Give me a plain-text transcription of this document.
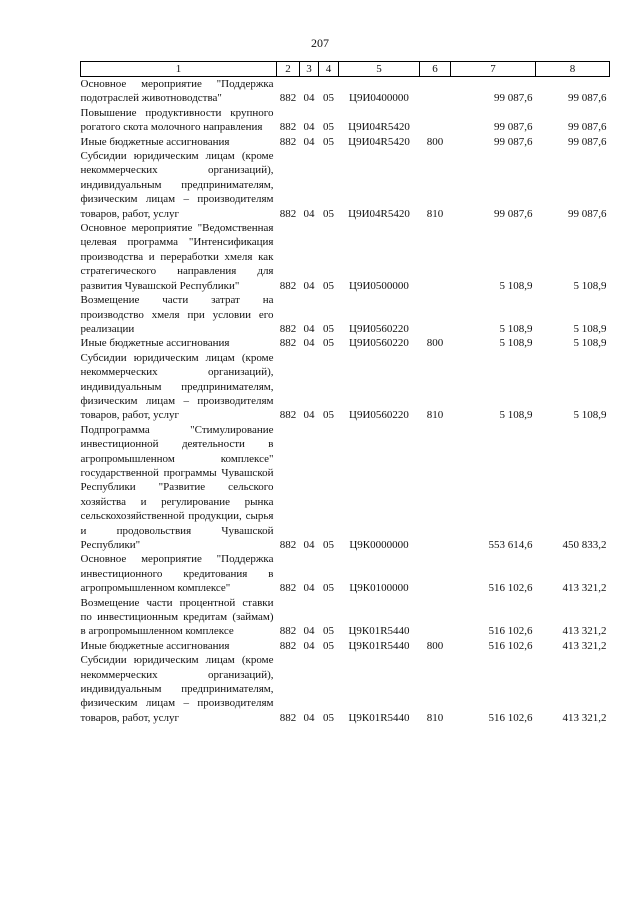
207
1	2	3	4	5	6	7	8
Основное мероприятие "Поддержка подотраслей животноводства"	882	04	05	Ц9И0400000		99 087,6	99 087,6
Повышение продуктивности крупного рогатого скота молочного направления	882	04	05	Ц9И04R5420		99 087,6	99 087,6
Иные бюджетные ассигнования	882	04	05	Ц9И04R5420	800	99 087,6	99 087,6
Субсидии юридическим лицам (кроме некоммерческих организаций), индивидуальным предпринимателям, физическим лицам – производителям товаров, работ, услуг	882	04	05	Ц9И04R5420	810	99 087,6	99 087,6
Основное мероприятие "Ведомственная целевая программа "Интенсификация производства и переработки хмеля как стратегического направления для развития Чувашской Республики"	882	04	05	Ц9И0500000		5 108,9	5 108,9
Возмещение части затрат на производство хмеля при условии его реализации	882	04	05	Ц9И0560220		5 108,9	5 108,9
Иные бюджетные ассигнования	882	04	05	Ц9И0560220	800	5 108,9	5 108,9
Субсидии юридическим лицам (кроме некоммерческих организаций), индивидуальным предпринимателям, физическим лицам – производителям товаров, работ, услуг	882	04	05	Ц9И0560220	810	5 108,9	5 108,9
Подпрограмма "Стимулирование инвестиционной деятельности в агропромышленном комплексе" государственной программы Чувашской Республики "Развитие сельского хозяйства и регулирование рынка сельскохозяйственной продукции, сырья и продовольствия Чувашской Республики"	882	04	05	Ц9К0000000		553 614,6	450 833,2
Основное мероприятие "Поддержка инвестиционного кредитования в агропромышленном комплексе"	882	04	05	Ц9К0100000		516 102,6	413 321,2
Возмещение части процентной ставки по инвестиционным кредитам (займам) в агропромышленном комплексе	882	04	05	Ц9К01R5440		516 102,6	413 321,2
Иные бюджетные ассигнования	882	04	05	Ц9К01R5440	800	516 102,6	413 321,2
Субсидии юридическим лицам (кроме некоммерческих организаций), индивидуальным предпринимателям, физическим лицам – производителям товаров, работ, услуг	882	04	05	Ц9К01R5440	810	516 102,6	413 321,2
